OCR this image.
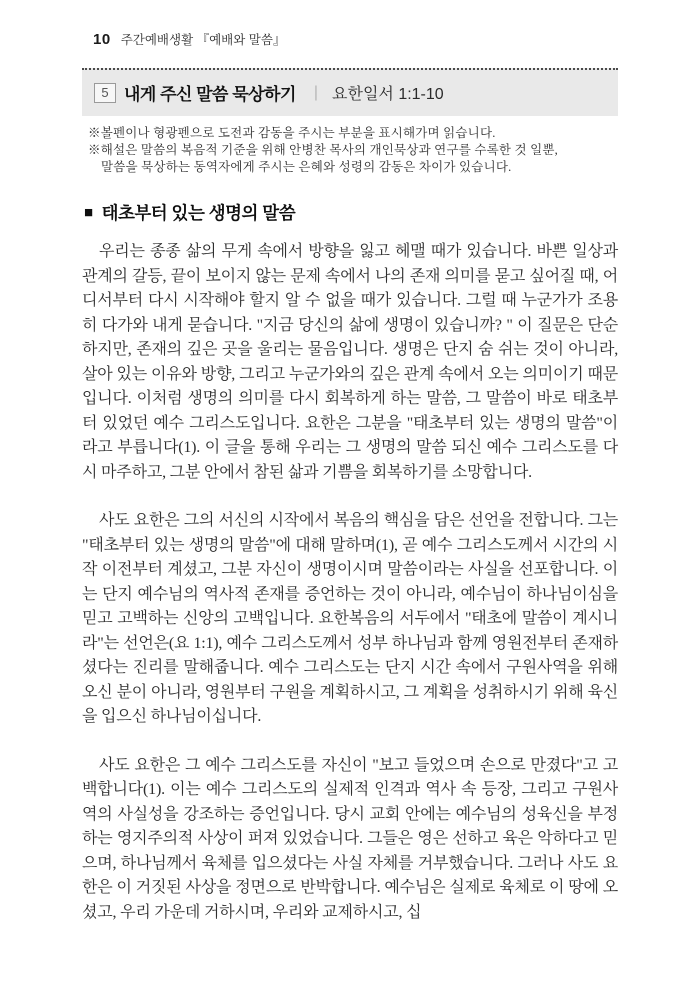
10 주간예배생활 『예배와 말씀』
5 내게 주신 말씀 묵상하기 | 요한일서 1:1-10

※볼펜이나 형광펜으로 도전과 감동을 주시는 부분을 표시해가며 읽습니다.

※해설은 말씀의 복음적 기준을 위해 안병찬 목사의 개인묵상과 연구를 수록한 것 일뿐,

말씀을 묵상하는 동역자에게 주시는 은혜와 성령의 감동은 차이가 있습니다.

■ 태초부터 있는 생명의 말씀

우리는 종종 삶의 무게 속에서 방향을 잃고 헤맬 때가 있습니다. 바쁜 일상과 관계의 갈등, 끝이 보이지 않는 문제 속에서 나의 존재 의미를 묻고 싶어질 때, 어디서부터 다시 시작해야 할지 알 수 없을 때가 있습니다. 그럴 때 누군가가 조용히 다가와 내게 묻습니다. "지금 당신의 삶에 생명이 있습니까? " 이 질문은 단순하지만, 존재의 깊은 곳을 울리는 물음입니다. 생명은 단지 숨 쉬는 것이 아니라, 살아 있는 이유와 방향, 그리고 누군가와의 깊은 관계 속에서 오는 의미이기 때문입니다. 이처럼 생명의 의미를 다시 회복하게 하는 말씀, 그 말씀이 바로 태초부터 있었던 예수 그리스도입니다. 요한은 그분을 "태초부터 있는 생명의 말씀"이라고 부릅니다(1). 이 글을 통해 우리는 그 생명의 말씀 되신 예수 그리스도를 다시 마주하고, 그분 안에서 참된 삶과 기쁨을 회복하기를 소망합니다.

사도 요한은 그의 서신의 시작에서 복음의 핵심을 담은 선언을 전합니다. 그는 "태초부터 있는 생명의 말씀"에 대해 말하며(1), 곧 예수 그리스도께서 시간의 시작 이전부터 계셨고, 그분 자신이 생명이시며 말씀이라는 사실을 선포합니다. 이는 단지 예수님의 역사적 존재를 증언하는 것이 아니라, 예수님이 하나님이심을 믿고 고백하는 신앙의 고백입니다. 요한복음의 서두에서 "태초에 말씀이 계시니라"는 선언은(요 1:1), 예수 그리스도께서 성부 하나님과 함께 영원전부터 존재하셨다는 진리를 말해줍니다. 예수 그리스도는 단지 시간 속에서 구원사역을 위해 오신 분이 아니라, 영원부터 구원을 계획하시고, 그 계획을 성취하시기 위해 육신을 입으신 하나님이십니다.

사도 요한은 그 예수 그리스도를 자신이 "보고 들었으며 손으로 만졌다"고 고백합니다(1). 이는 예수 그리스도의 실제적 인격과 역사 속 등장, 그리고 구원사역의 사실성을 강조하는 증언입니다. 당시 교회 안에는 예수님의 성육신을 부정하는 영지주의적 사상이 퍼져 있었습니다. 그들은 영은 선하고 육은 악하다고 믿으며, 하나님께서 육체를 입으셨다는 사실 자체를 거부했습니다. 그러나 사도 요한은 이 거짓된 사상을 정면으로 반박합니다. 예수님은 실제로 육체로 이 땅에 오셨고, 우리 가운데 거하시며, 우리와 교제하시고, 십
